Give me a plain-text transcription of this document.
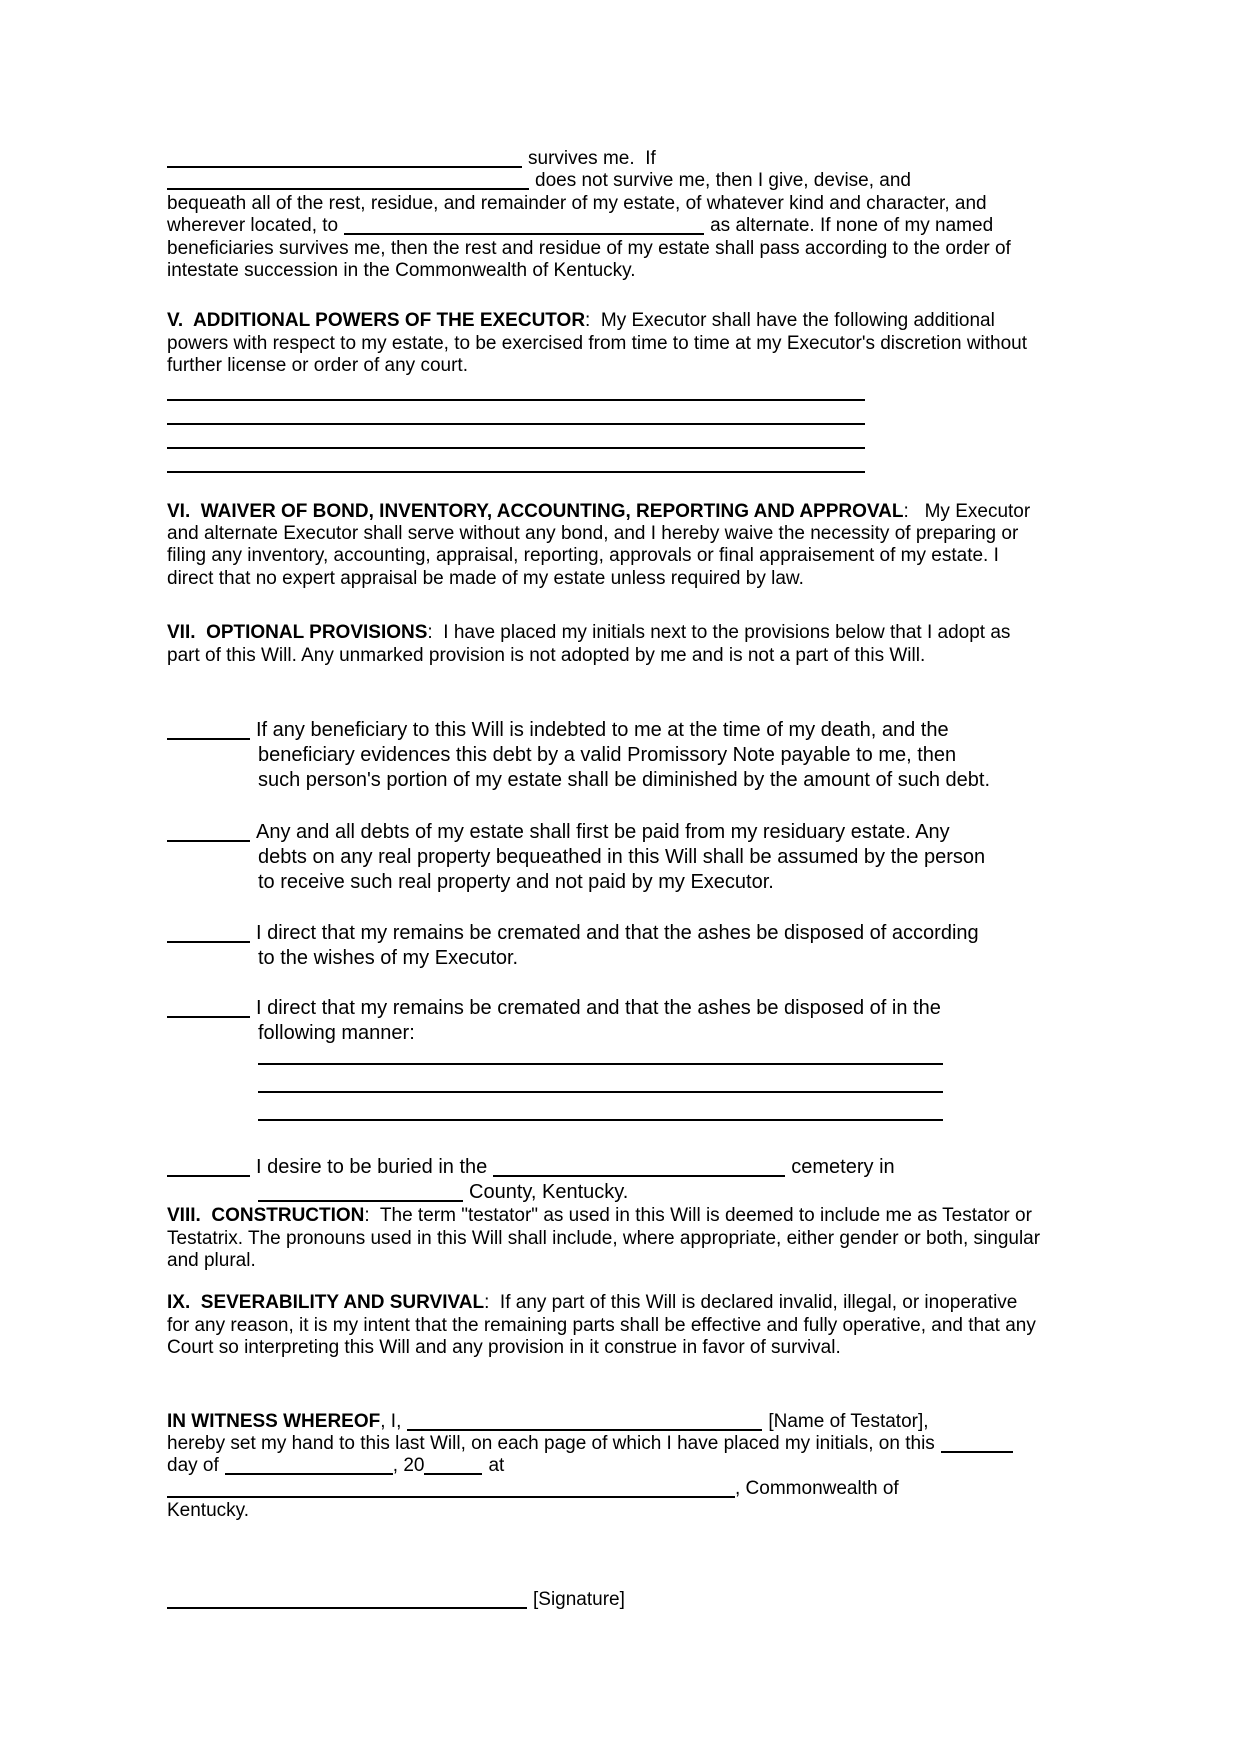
survives me.  If
does not survive me, then I give, devise, and
bequeath all of the rest, residue, and remainder of my estate, of whatever kind and character, and
wherever located, to	as alternate. If none of my named
beneficiaries survives me, then the rest and residue of my estate shall pass according to the order of
intestate succession in the Commonwealth of Kentucky.
V.  ADDITIONAL POWERS OF THE EXECUTOR:  My Executor shall have the following additional
powers with respect to my estate, to be exercised from time to time at my Executor's discretion without
further license or order of any court.
VI.  WAIVER OF BOND, INVENTORY, ACCOUNTING, REPORTING AND APPROVAL:   My Executor
and alternate Executor shall serve without any bond, and I hereby waive the necessity of preparing or
filing any inventory, accounting, appraisal, reporting, approvals or final appraisement of my estate. I
direct that no expert appraisal be made of my estate unless required by law.
VII.  OPTIONAL PROVISIONS:  I have placed my initials next to the provisions below that I adopt as
part of this Will. Any unmarked provision is not adopted by me and is not a part of this Will.
If any beneficiary to this Will is indebted to me at the time of my death, and the
beneficiary evidences this debt by a valid Promissory Note payable to me, then
such person's portion of my estate shall be diminished by the amount of such debt.
Any and all debts of my estate shall first be paid from my residuary estate. Any
debts on any real property bequeathed in this Will shall be assumed by the person
to receive such real property and not paid by my Executor.
I direct that my remains be cremated and that the ashes be disposed of according
to the wishes of my Executor.
I direct that my remains be cremated and that the ashes be disposed of in the
following manner:
I desire to be buried in the	cemetery in
County, Kentucky.
VIII.  CONSTRUCTION:  The term "testator" as used in this Will is deemed to include me as Testator or
Testatrix. The pronouns used in this Will shall include, where appropriate, either gender or both, singular
and plural.
IX.  SEVERABILITY AND SURVIVAL:  If any part of this Will is declared invalid, illegal, or inoperative
for any reason, it is my intent that the remaining parts shall be effective and fully operative, and that any
Court so interpreting this Will and any provision in it construe in favor of survival.
IN WITNESS WHEREOF, I,	[Name of Testator],
hereby set my hand to this last Will, on each page of which I have placed my initials, on this
day of	, 20	at
, Commonwealth of
Kentucky.
[Signature]
